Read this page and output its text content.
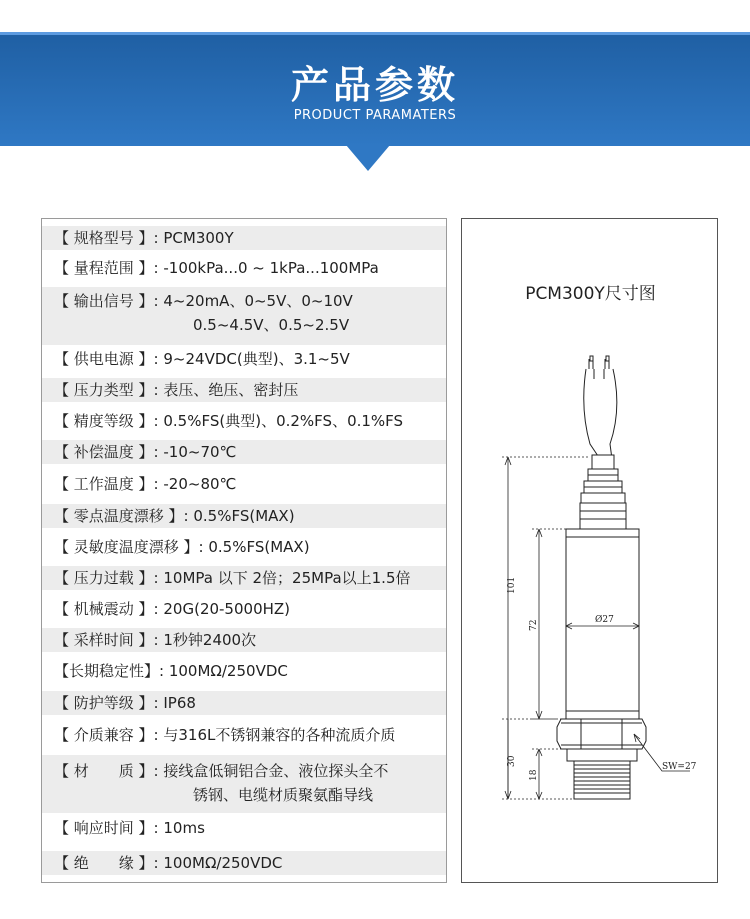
产品参数
PRODUCT PARAMATERS
【 规格型号 】: PCM300Y
【 量程范围 】: -100kPa...0 ~ 1kPa...100MPa
【 输出信号 】: 4~20mA、0~5V、0~10V
0.5~4.5V、0.5~2.5V
【 供电电源 】: 9~24VDC(典型)、3.1~5V
【 压力类型 】: 表压、绝压、密封压
【 精度等级 】: 0.5%FS(典型)、0.2%FS、0.1%FS
【 补偿温度 】: -10~70℃
【 工作温度 】: -20~80℃
【 零点温度漂移 】: 0.5%FS(MAX)
【 灵敏度温度漂移 】: 0.5%FS(MAX)
【 压力过载 】: 10MPa 以下 2倍；25MPa以上1.5倍
【 机械震动 】: 20G(20-5000HZ)
【 采样时间 】: 1秒钟2400次
【长期稳定性】: 100MΩ/250VDC
【 防护等级 】: IP68
【 介质兼容 】: 与316L不锈钢兼容的各种流质介质
【 材　　质 】: 接线盒低铜铝合金、液位探头全不
锈钢、电缆材质聚氨酯导线
【 响应时间 】: 10ms
【 绝　　缘 】: 100MΩ/250VDC
PCM300Y尺寸图
Ø27
101
72
30
18
SW=27
